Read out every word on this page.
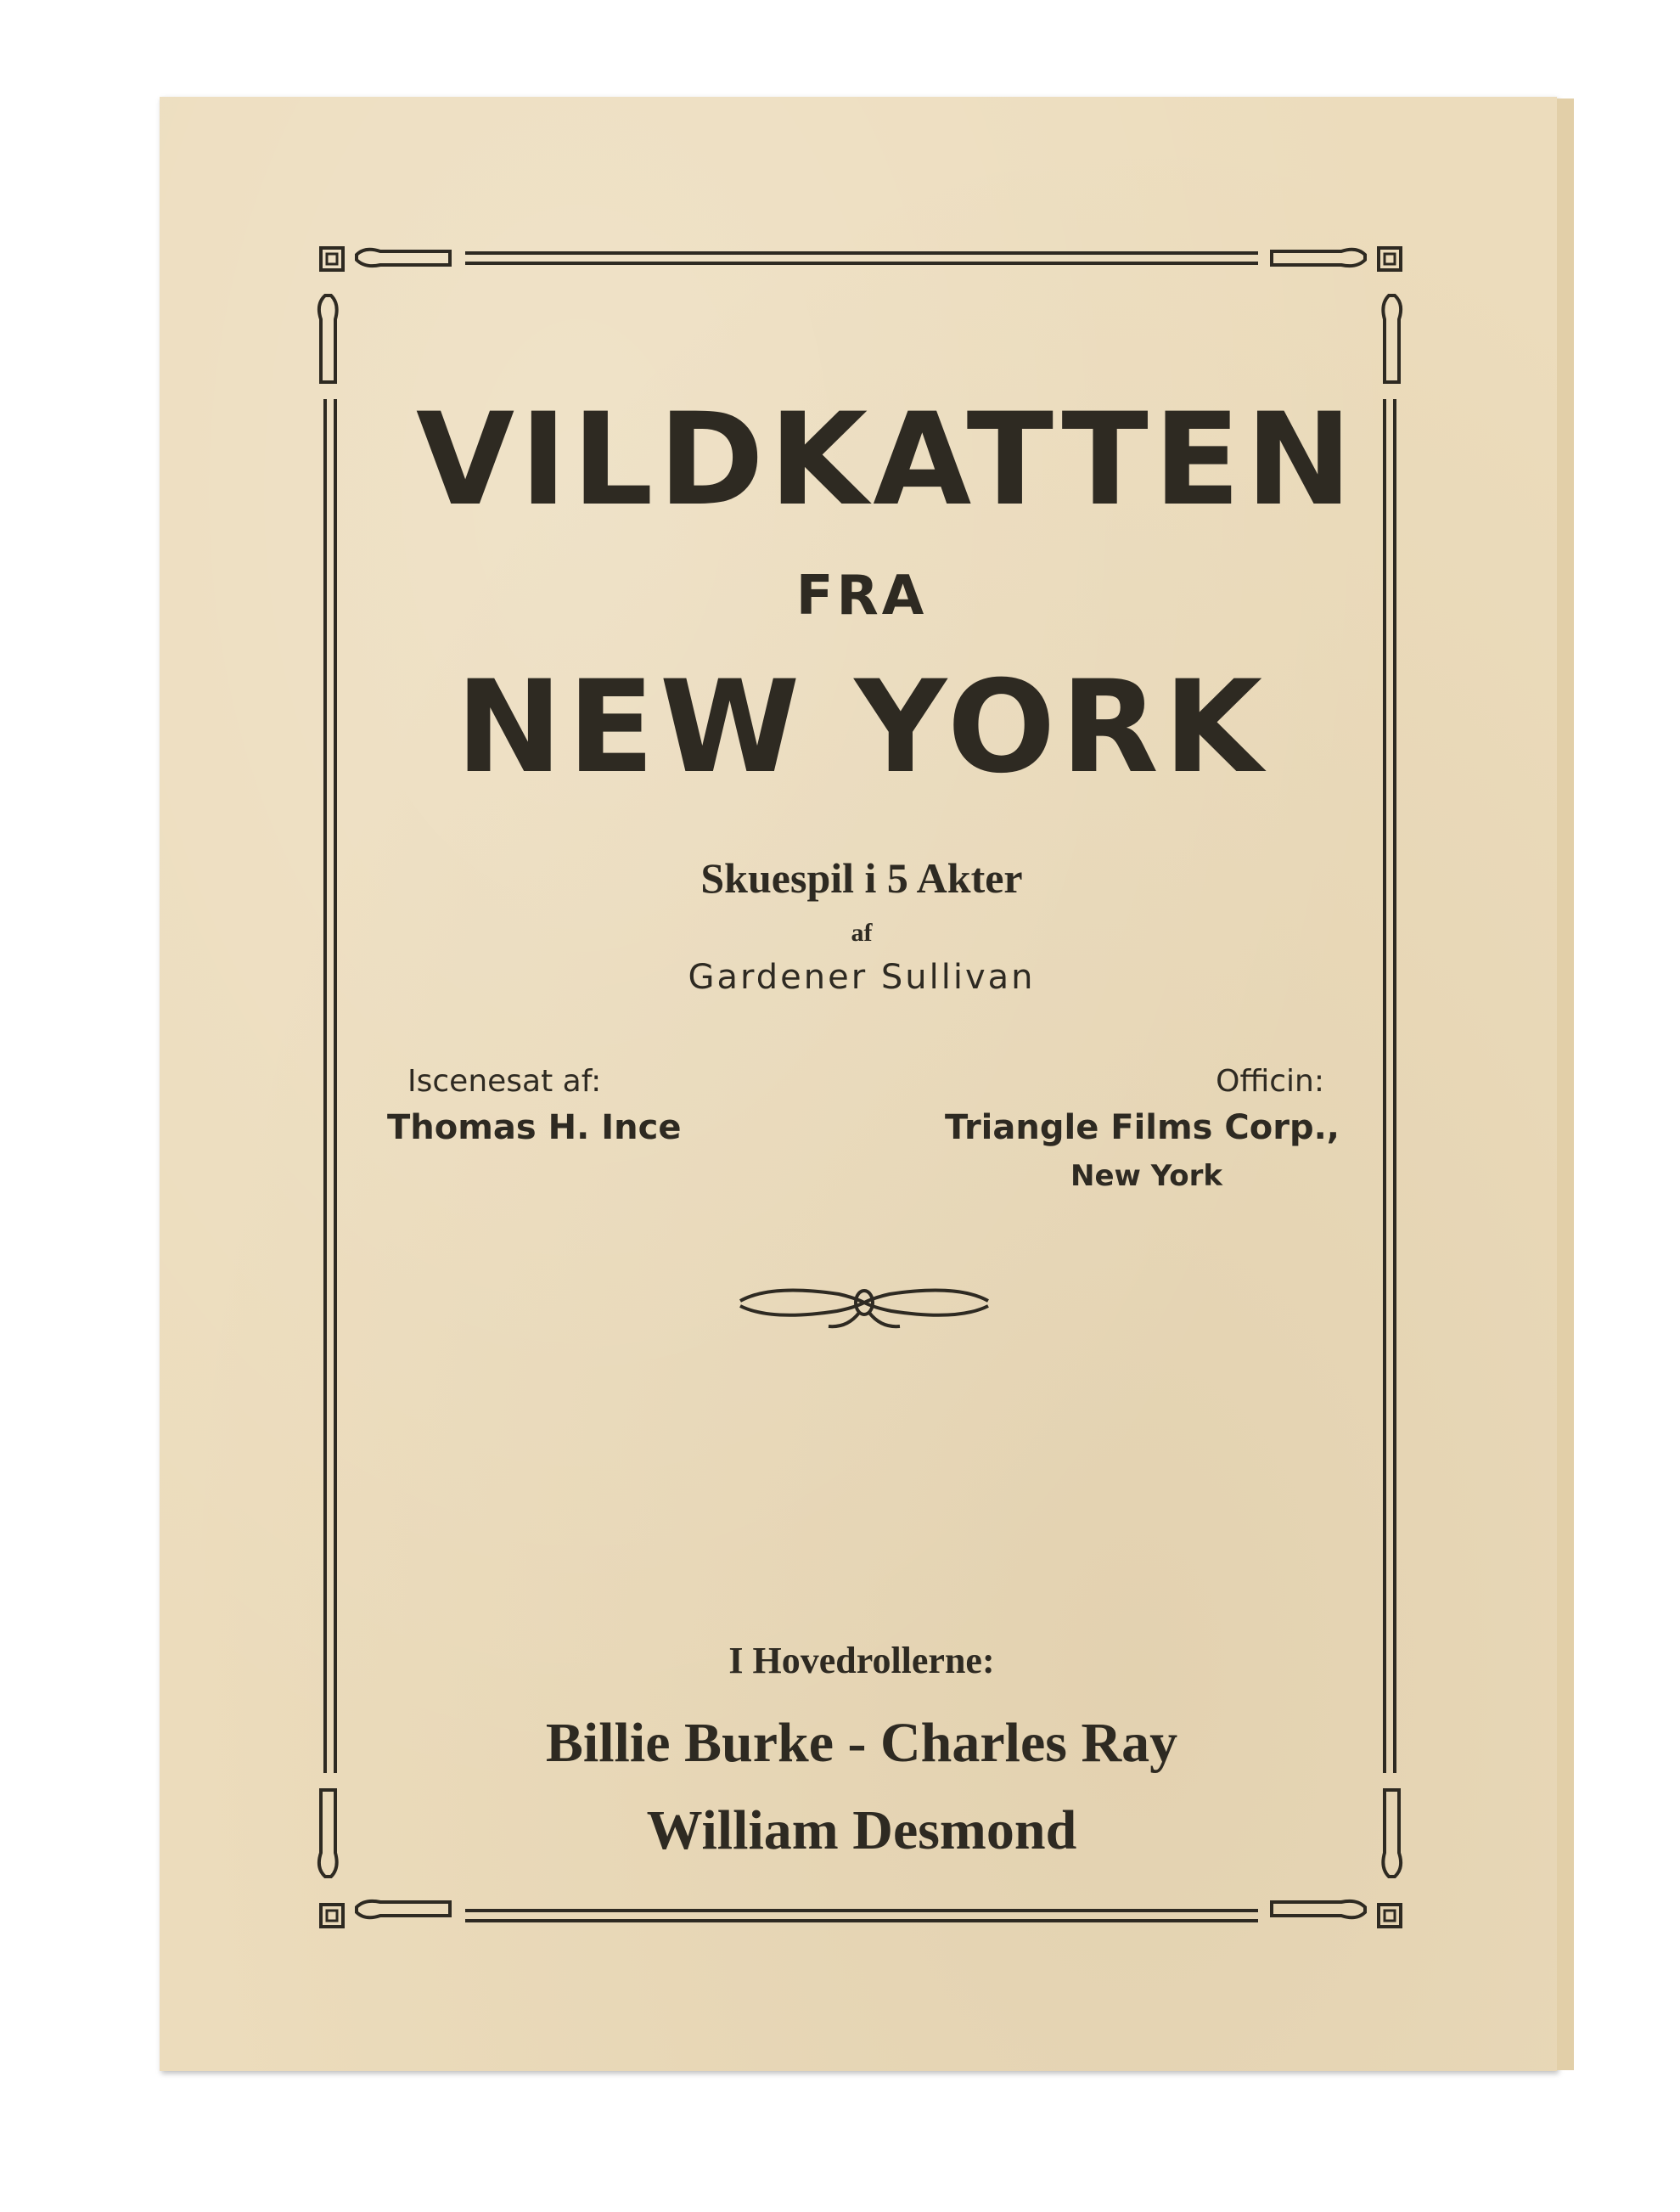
VILDKATTEN
FRA
NEW YORK
Skuespil i 5 Akter
af
Gardener Sullivan
Iscenesat af:
Thomas H. Ince
Officin:
Triangle Films Corp.,
New York
I Hovedrollerne:
Billie Burke - Charles Ray
William Desmond
